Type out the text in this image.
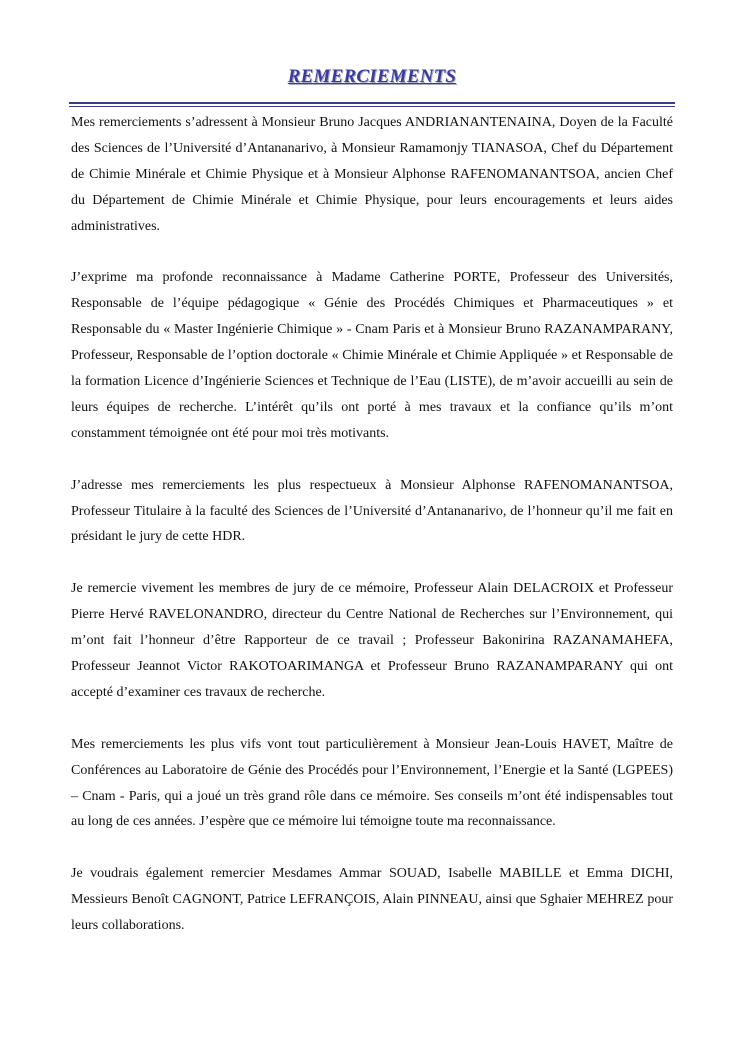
REMERCIEMENTS

Mes remerciements s’adressent à Monsieur Bruno Jacques ANDRIANANTENAINA, Doyen de la Faculté des Sciences de l’Université d’Antananarivo, à Monsieur Ramamonjy TIANASOA, Chef du Département de Chimie Minérale et Chimie Physique et à Monsieur Alphonse RAFENOMANANTSOA, ancien Chef du Département de Chimie Minérale et Chimie Physique, pour leurs encouragements et leurs aides administratives.

J’exprime ma profonde reconnaissance à Madame Catherine PORTE, Professeur des Universités, Responsable de l’équipe pédagogique « Génie des Procédés Chimiques et Pharmaceutiques » et Responsable du « Master Ingénierie Chimique » - Cnam Paris et à Monsieur Bruno RAZANAMPARANY, Professeur, Responsable de l’option doctorale « Chimie Minérale et Chimie Appliquée » et Responsable de la formation Licence d’Ingénierie Sciences et Technique de l’Eau (LISTE), de m’avoir accueilli au sein de leurs équipes de recherche. L’intérêt qu’ils ont porté à mes travaux et la confiance qu’ils m’ont constamment témoignée ont été pour moi très motivants.

J’adresse mes remerciements les plus respectueux à Monsieur Alphonse RAFENOMANANTSOA, Professeur Titulaire à la faculté des Sciences de l’Université d’Antananarivo, de l’honneur qu’il me fait en présidant le jury de cette HDR.

Je remercie vivement les membres de jury de ce mémoire, Professeur Alain DELACROIX et Professeur Pierre Hervé RAVELONANDRO, directeur du Centre National de Recherches sur l’Environnement, qui m’ont fait l’honneur d’être Rapporteur de ce travail ; Professeur Bakonirina RAZANAMAHEFA, Professeur Jeannot Victor RAKOTOARIMANGA et Professeur Bruno RAZANAMPARANY qui ont accepté d’examiner ces travaux de recherche.

Mes remerciements les plus vifs vont tout particulièrement à Monsieur Jean-Louis HAVET, Maître de Conférences au Laboratoire de Génie des Procédés pour l’Environnement, l’Energie et la Santé (LGPEES) – Cnam - Paris, qui a joué un très grand rôle dans ce mémoire. Ses conseils m’ont été indispensables tout au long de ces années. J’espère que ce mémoire lui témoigne toute ma reconnaissance.

Je voudrais également remercier Mesdames Ammar SOUAD, Isabelle MABILLE et Emma DICHI, Messieurs Benoît CAGNONT, Patrice LEFRANÇOIS, Alain PINNEAU, ainsi que Sghaier MEHREZ pour leurs collaborations.
